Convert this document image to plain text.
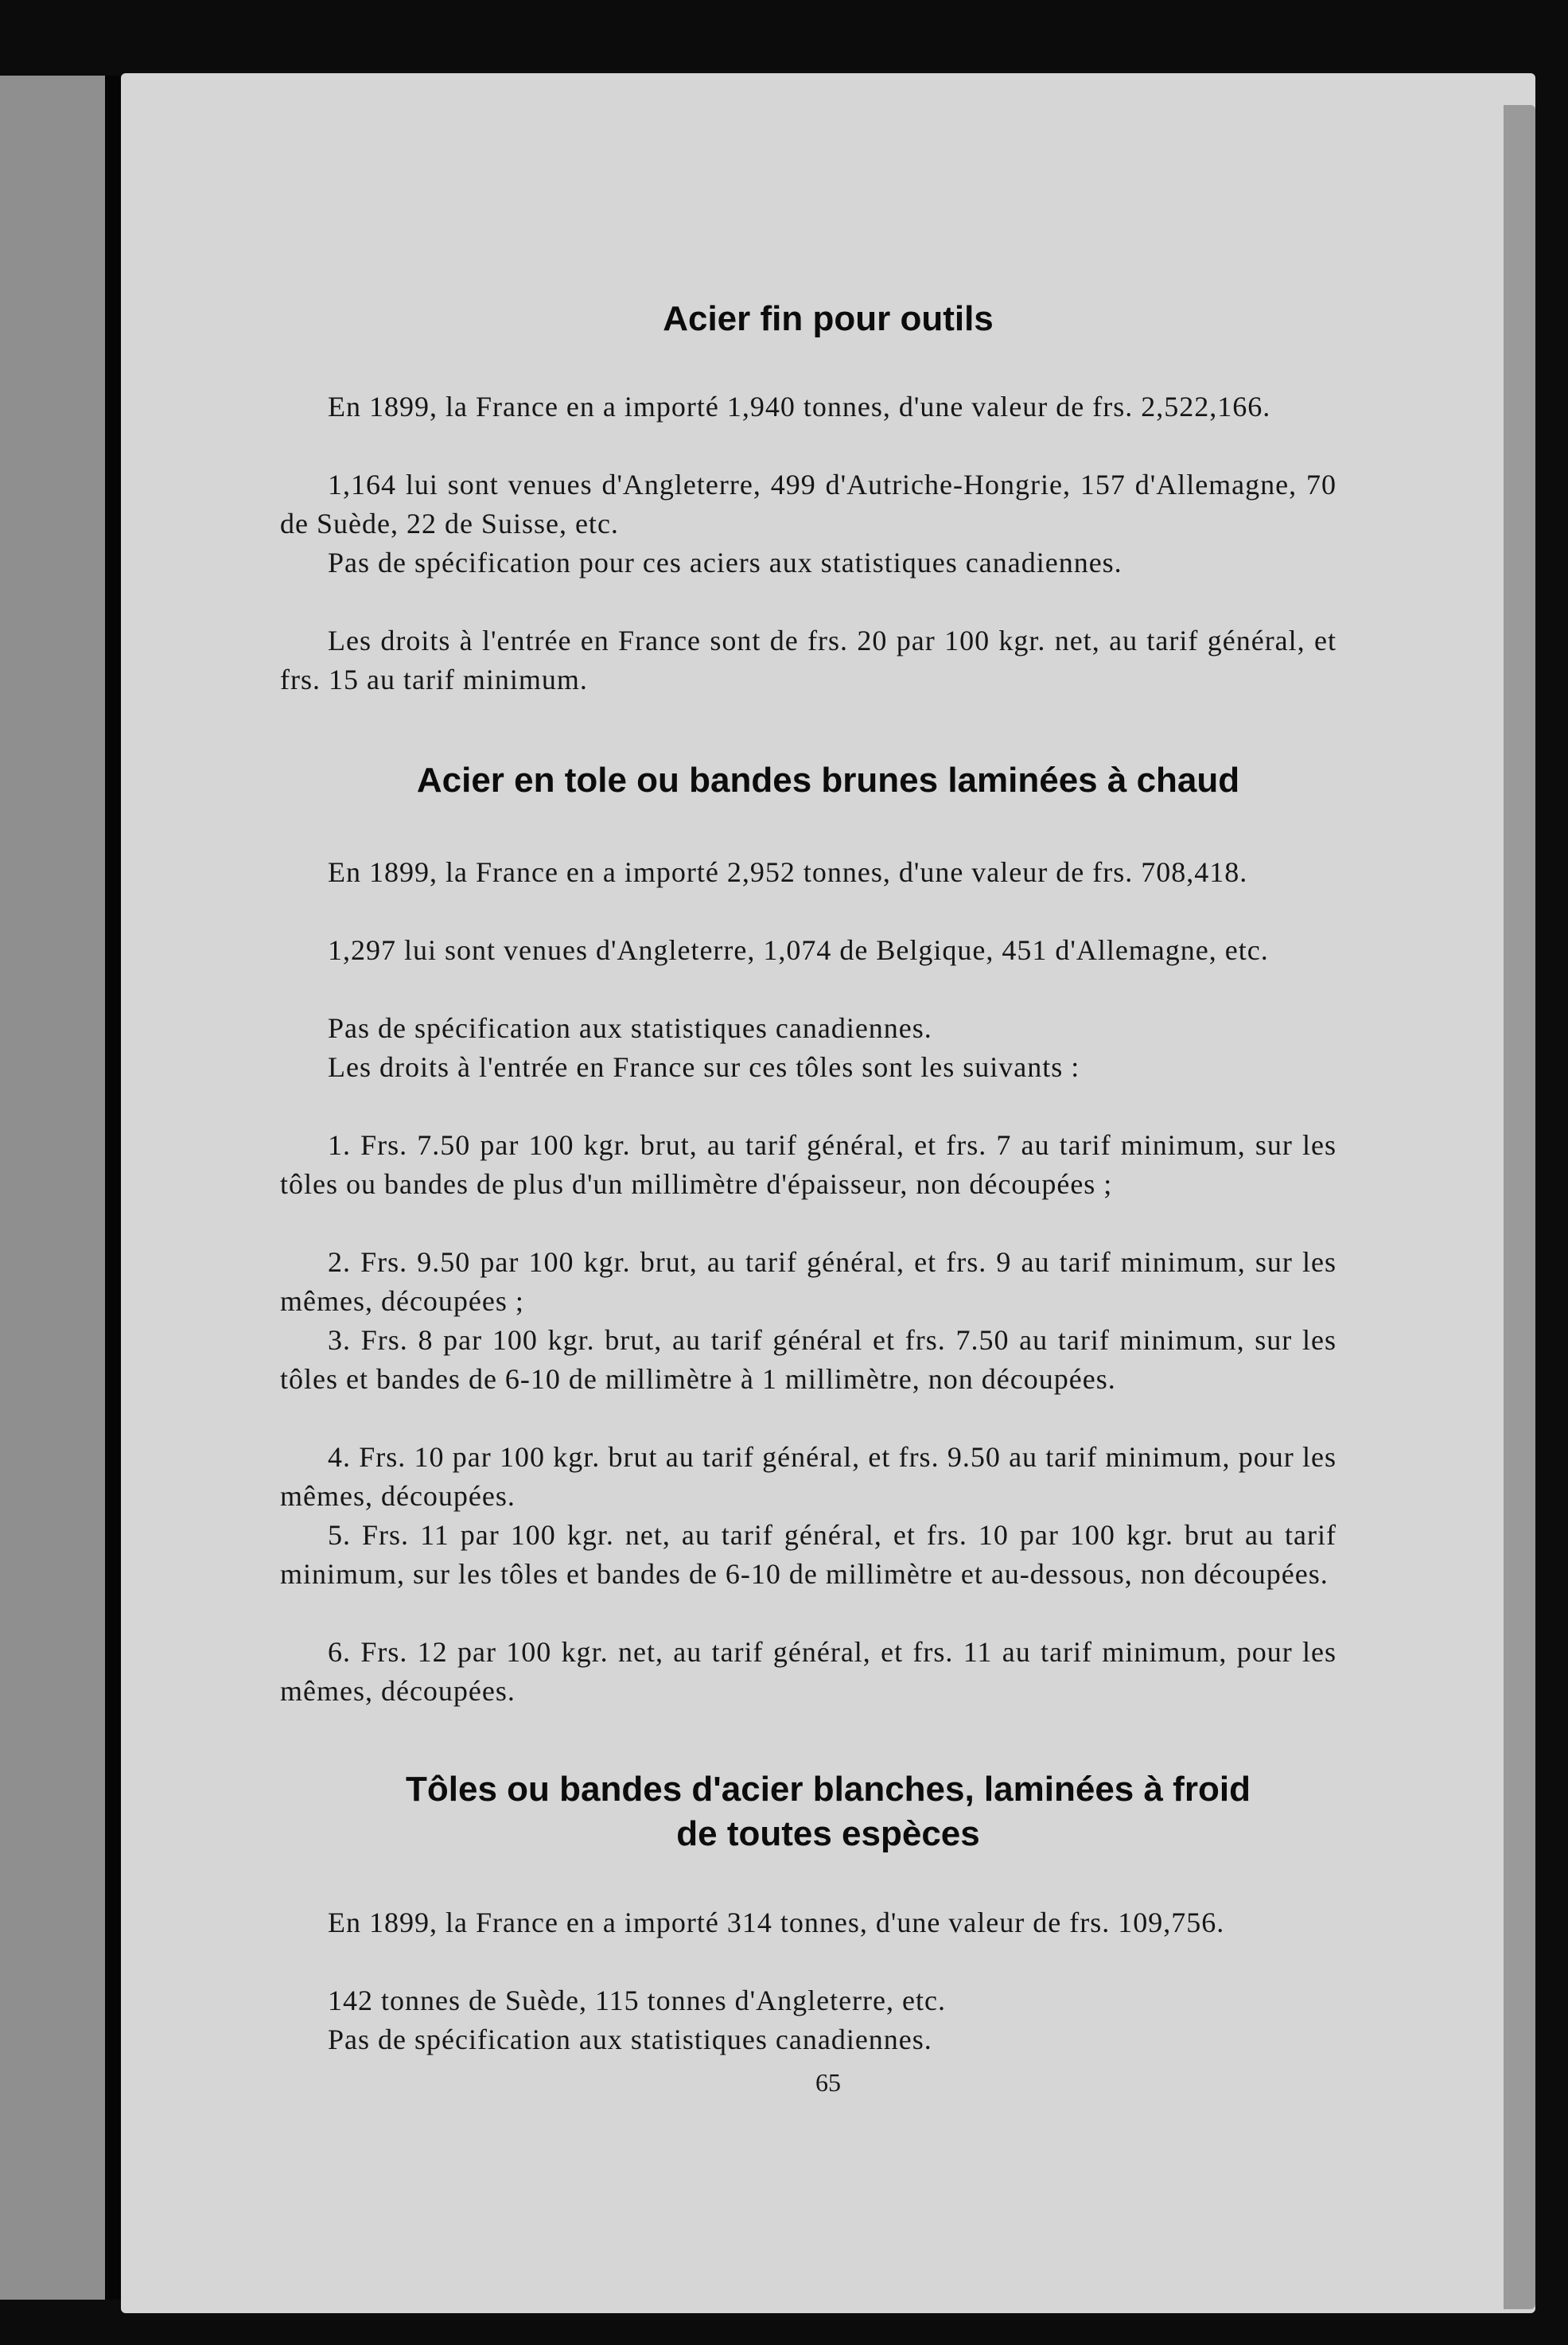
Acier fin pour outils

En 1899, la France en a importé 1,940 tonnes, d'une valeur de frs. 2,522,166.

1,164 lui sont venues d'Angleterre, 499 d'Autriche-Hongrie, 157 d'Allemagne, 70 de Suède, 22 de Suisse, etc.

Pas de spécification pour ces aciers aux statistiques canadiennes.

Les droits à l'entrée en France sont de frs. 20 par 100 kgr. net, au tarif général, et frs. 15 au tarif minimum.

Acier en tole ou bandes brunes laminées à chaud

En 1899, la France en a importé 2,952 tonnes, d'une valeur de frs. 708,418.

1,297 lui sont venues d'Angleterre, 1,074 de Belgique, 451 d'Allemagne, etc.

Pas de spécification aux statistiques canadiennes.

Les droits à l'entrée en France sur ces tôles sont les suivants :

1. Frs. 7.50 par 100 kgr. brut, au tarif général, et frs. 7 au tarif minimum, sur les tôles ou bandes de plus d'un millimètre d'épaisseur, non découpées ;

2. Frs. 9.50 par 100 kgr. brut, au tarif général, et frs. 9 au tarif minimum, sur les mêmes, découpées ;

3. Frs. 8 par 100 kgr. brut, au tarif général et frs. 7.50 au tarif minimum, sur les tôles et bandes de 6-10 de millimètre à 1 millimètre, non découpées.

4. Frs. 10 par 100 kgr. brut au tarif général, et frs. 9.50 au tarif minimum, pour les mêmes, découpées.

5. Frs. 11 par 100 kgr. net, au tarif général, et frs. 10 par 100 kgr. brut au tarif minimum, sur les tôles et bandes de 6-10 de millimètre et au-dessous, non découpées.

6. Frs. 12 par 100 kgr. net, au tarif général, et frs. 11 au tarif minimum, pour les mêmes, découpées.

Tôles ou bandes d'acier blanches, laminées à froid
de toutes espèces

En 1899, la France en a importé 314 tonnes, d'une valeur de frs. 109,756.

142 tonnes de Suède, 115 tonnes d'Angleterre, etc.

Pas de spécification aux statistiques canadiennes.

65
